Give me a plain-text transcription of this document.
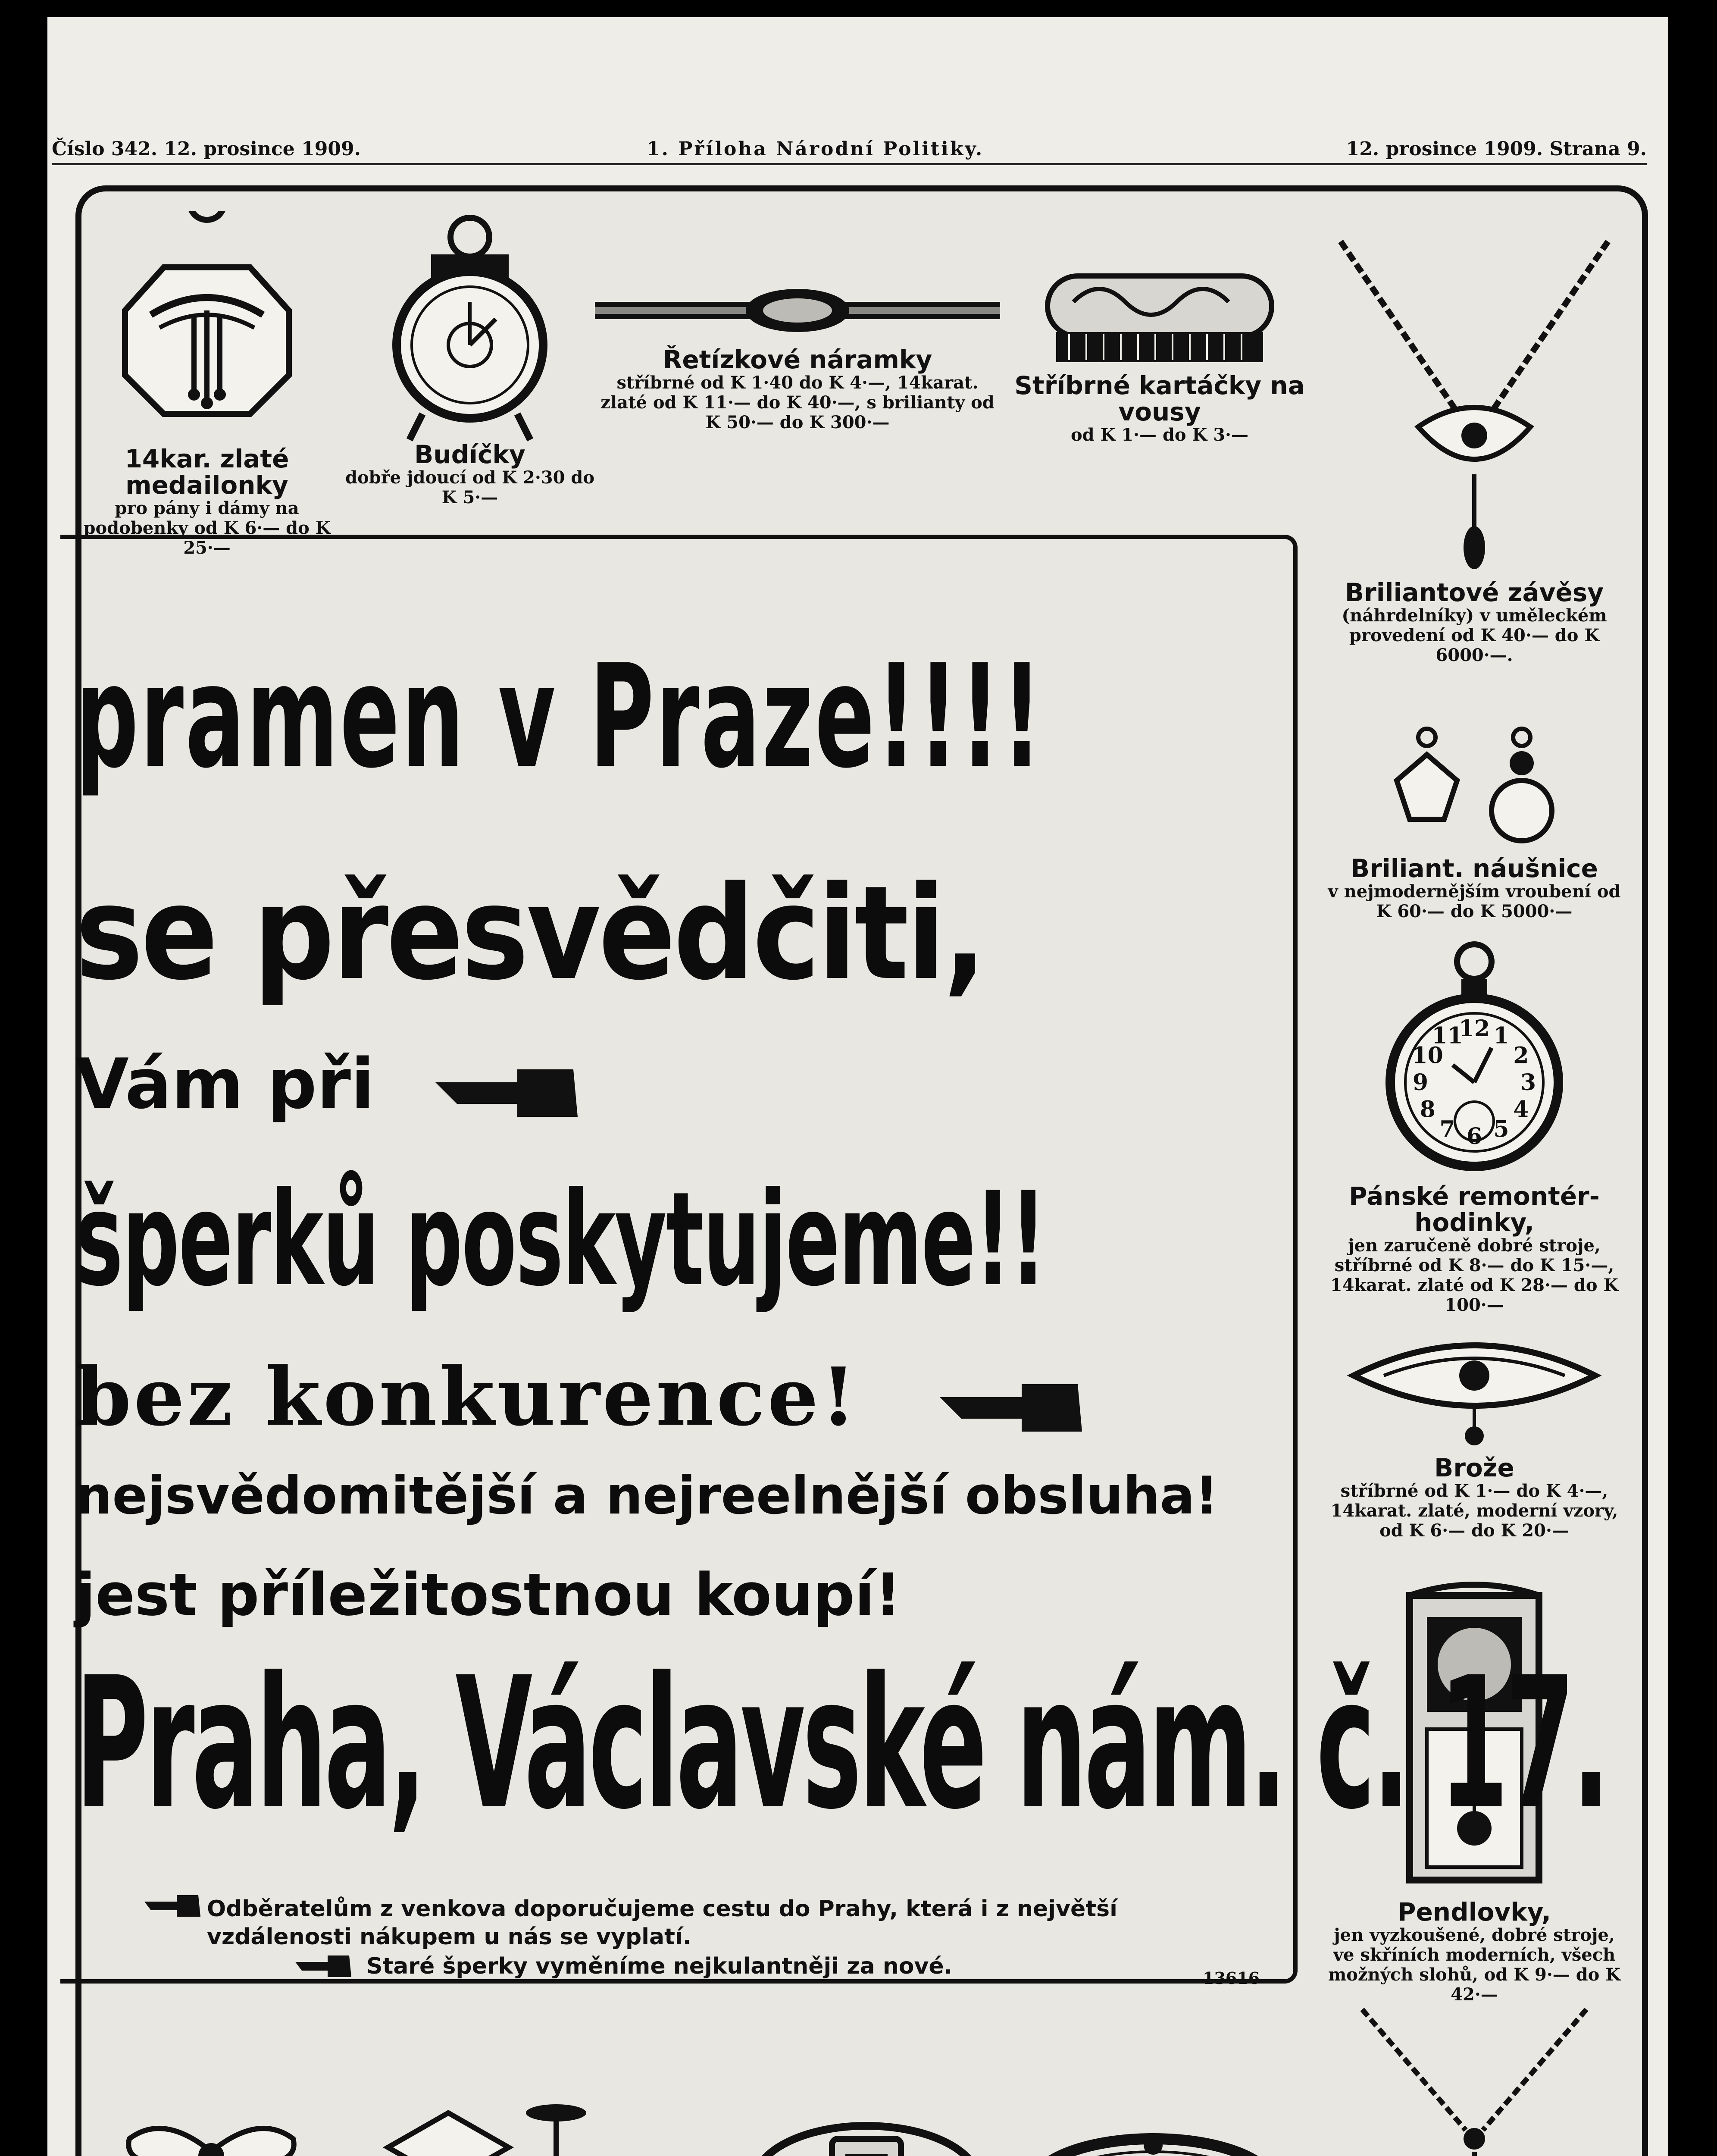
Číslo 342. 12. prosince 1909.	1. Příloha Národní Politiky.	12. prosince 1909. Strana 9.
14kar. zlaté medailonky
pro pány i dámy na podobenky od K 6·— do K 25·—
Budíčky
dobře jdoucí od K 2·30 do K 5·—
Řetízkové náramky
stříbrné od K 1·40 do K 4·—, 14karat. zlaté od K 11·— do K 40·—, s brilianty od K 50·— do K 300·—
Stříbrné kartáčky na vousy
od K 1·— do K 3·—
Briliantové závěsy
(náhrdelníky) v uměleckém provedení od K 40·— do K 6000·—.
Briliant. náušnice
v nejmodernějším vroubení od K 60·— do K 5000·—
10
11
12 1
2
3
4
5
9
8
7 6
Pánské remontér-hodinky,
jen zaručeně dobré stroje, stříbrné od K 8·— do K 15·—, 14karat. zlaté od K 28·— do K 100·—
Brože
stříbrné od K 1·— do K 4·—, 14karat. zlaté, moderní vzory, od K 6·— do K 20·—
Pendlovky,
jen vyzkoušené, dobré stroje, ve skříních moderních, všech možných slohů, od K 9·— do K 42·—
pramen v Praze!!!!
se přesvědčiti,
Vám při
šperků poskytujeme!!
bez konkurence!
nejsvědomitější a nejreelnější obsluha!
jest příležitostnou koupí!
Praha, Václavské nám. č. 17.
Odběratelům z venkova doporučujeme cestu do Prahy, která i z největší vzdálenosti nákupem u nás se vyplatí.
Staré šperky vyměníme nejkulantněji za nové.	13616
